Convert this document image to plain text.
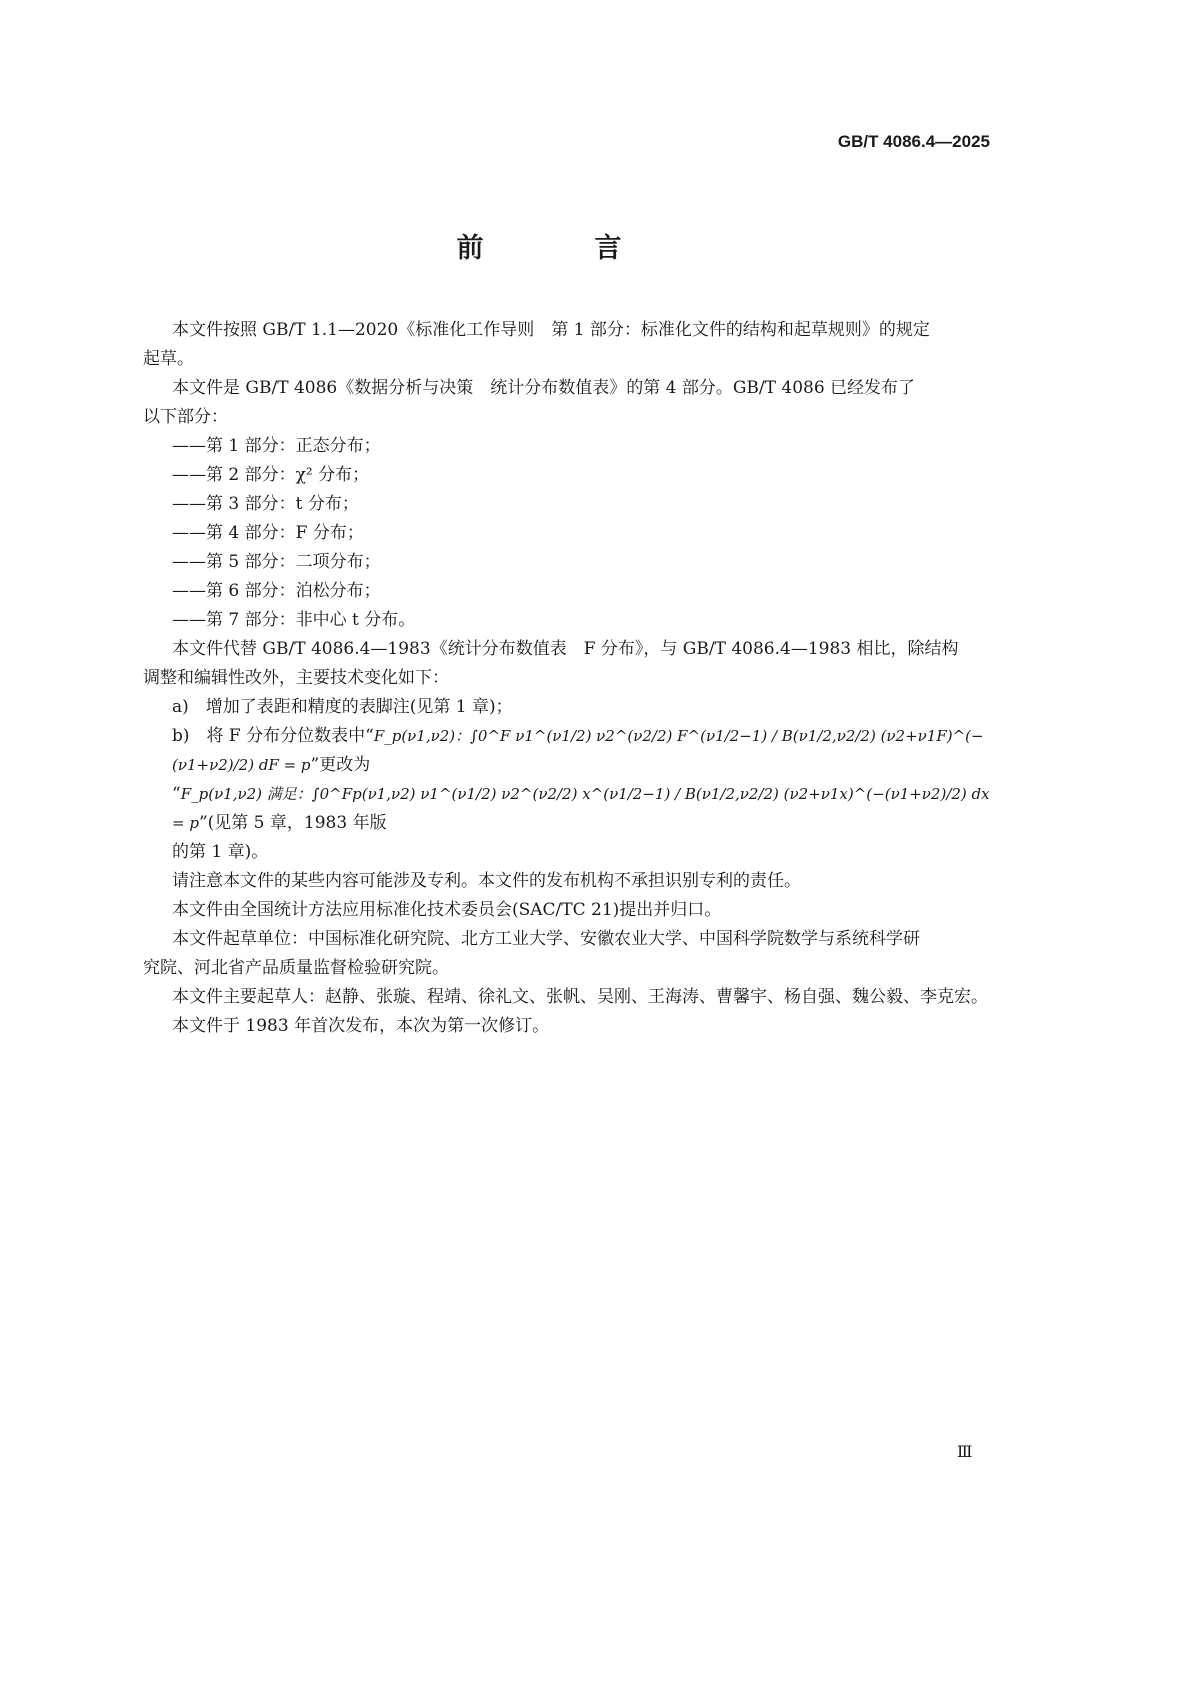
GB/T 4086.4—2025
前　言
本文件按照 GB/T 1.1—2020《标准化工作导则　第 1 部分：标准化文件的结构和起草规则》的规定
起草。
本文件是 GB/T 4086《数据分析与决策　统计分布数值表》的第 4 部分。GB/T 4086 已经发布了
以下部分：
——第 1 部分：正态分布；
——第 2 部分：χ² 分布；
——第 3 部分：t 分布；
——第 4 部分：F 分布；
——第 5 部分：二项分布；
——第 6 部分：泊松分布；
——第 7 部分：非中心 t 分布。
本文件代替 GB/T 4086.4—1983《统计分布数值表　F 分布》，与 GB/T 4086.4—1983 相比，除结构
调整和编辑性改外，主要技术变化如下：
a)　增加了表距和精度的表脚注(见第 1 章)；
b)　将 F 分布分位数表中“F_p(ν1,ν2)：∫0^F ν1^(ν1/2) ν2^(ν2/2) F^(ν1/2−1) / B(ν1/2,ν2/2) (ν2+ν1F)^(−(ν1+ν2)/2) dF = p”更改为
“F_p(ν1,ν2) 满足：∫0^Fp(ν1,ν2) ν1^(ν1/2) ν2^(ν2/2) x^(ν1/2−1) / B(ν1/2,ν2/2) (ν2+ν1x)^(−(ν1+ν2)/2) dx = p”(见第 5 章，1983 年版
的第 1 章)。
请注意本文件的某些内容可能涉及专利。本文件的发布机构不承担识别专利的责任。
本文件由全国统计方法应用标准化技术委员会(SAC/TC 21)提出并归口。
本文件起草单位：中国标准化研究院、北方工业大学、安徽农业大学、中国科学院数学与系统科学研
究院、河北省产品质量监督检验研究院。
本文件主要起草人：赵静、张璇、程靖、徐礼文、张帆、吴刚、王海涛、曹馨宇、杨自强、魏公毅、李克宏。
本文件于 1983 年首次发布，本次为第一次修订。
Ⅲ
